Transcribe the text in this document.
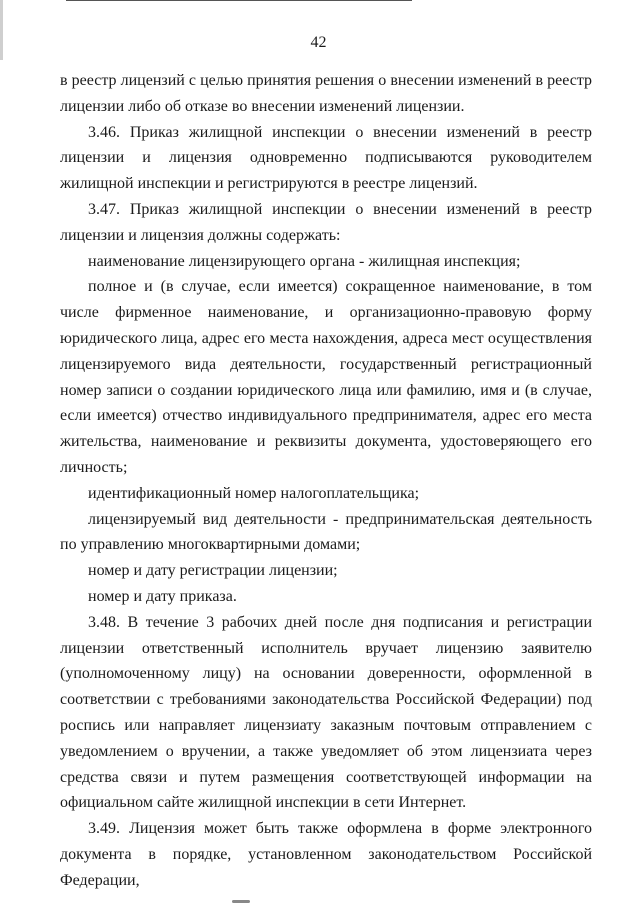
42

в реестр лицензий с целью принятия решения о внесении изменений в реестр лицензии либо об отказе во внесении изменений лицензии.

3.46. Приказ жилищной инспекции о внесении изменений в реестр лицензии и лицензия одновременно подписываются руководителем жилищной инспекции и регистрируются в реестре лицензий.

3.47. Приказ жилищной инспекции о внесении изменений в реестр лицензии и лицензия должны содержать:

наименование лицензирующего органа - жилищная инспекция;

полное и (в случае, если имеется) сокращенное наименование, в том числе фирменное наименование, и организационно-правовую форму юридического лица, адрес его места нахождения, адреса мест осуществления лицензируемого вида деятельности, государственный регистрационный номер записи о создании юридического лица или фамилию, имя и (в случае, если имеется) отчество индивидуального предпринимателя, адрес его места жительства, наименование и реквизиты документа, удостоверяющего его личность;

идентификационный номер налогоплательщика;

лицензируемый вид деятельности - предпринимательская деятельность по управлению многоквартирными домами;

номер и дату регистрации лицензии;

номер и дату приказа.

3.48. В течение 3 рабочих дней после дня подписания и регистрации лицензии ответственный исполнитель вручает лицензию заявителю (уполномоченному лицу) на основании доверенности, оформленной в соответствии с требованиями законодательства Российской Федерации) под роспись или направляет лицензиату заказным почтовым отправлением с уведомлением о вручении, а также уведомляет об этом лицензиата через средства связи и путем размещения соответствующей информации на официальном сайте жилищной инспекции в сети Интернет.

3.49. Лицензия может быть также оформлена в форме электронного документа в порядке, установленном законодательством Российской Федерации,
